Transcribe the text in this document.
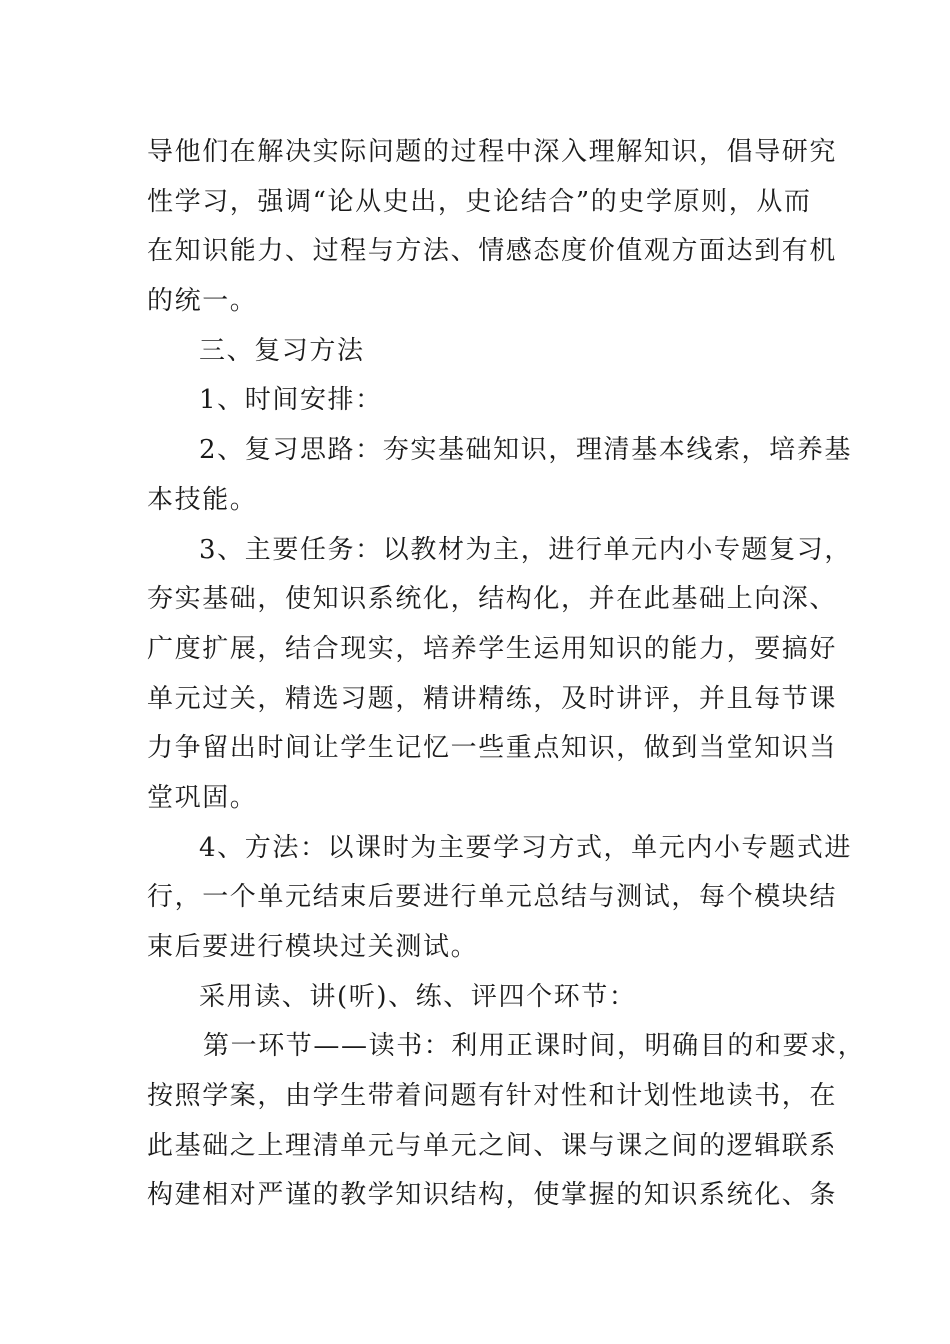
导他们在解决实际问题的过程中深入理解知识，倡导研究
性学习，强调“论从史出，史论结合”的史学原则，从而
在知识能力、过程与方法、情感态度价值观方面达到有机
的统一。
三、复习方法
1、时间安排：
2、复习思路：夯实基础知识，理清基本线索，培养基
本技能。
3、主要任务：以教材为主，进行单元内小专题复习，
夯实基础，使知识系统化，结构化，并在此基础上向深、
广度扩展，结合现实，培养学生运用知识的能力，要搞好
单元过关，精选习题，精讲精练，及时讲评，并且每节课
力争留出时间让学生记忆一些重点知识，做到当堂知识当
堂巩固。
4、方法：以课时为主要学习方式，单元内小专题式进
行，一个单元结束后要进行单元总结与测试，每个模块结
束后要进行模块过关测试。
采用读、讲(听)、练、评四个环节：
第一环节——读书：利用正课时间，明确目的和要求，
按照学案，由学生带着问题有针对性和计划性地读书，在
此基础之上理清单元与单元之间、课与课之间的逻辑联系
构建相对严谨的教学知识结构，使掌握的知识系统化、条
